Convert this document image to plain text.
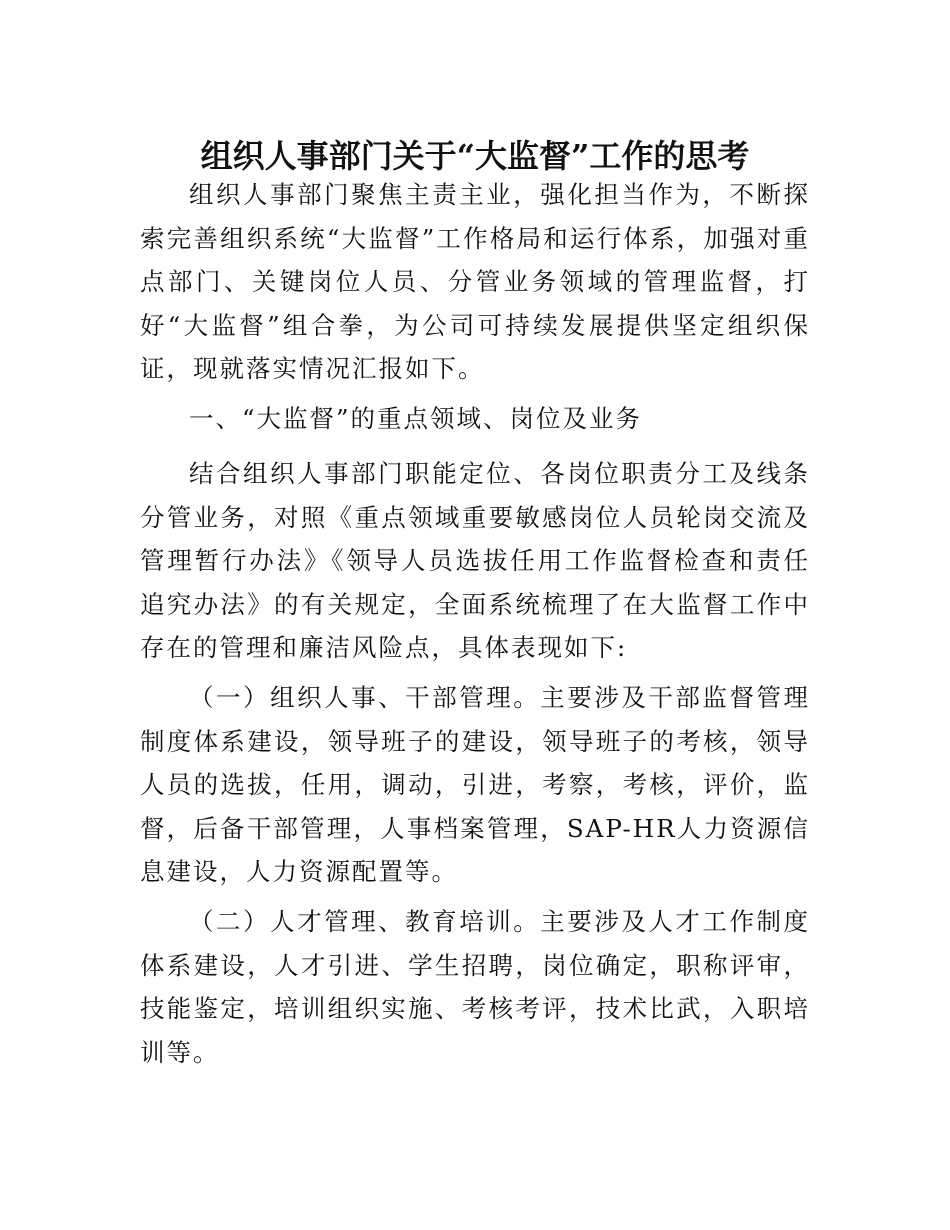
组织人事部门关于“大监督”工作的思考

组织人事部门聚焦主责主业，强化担当作为，不断探索完善组织系统“大监督”工作格局和运行体系，加强对重点部门、关键岗位人员、分管业务领域的管理监督，打好“大监督”组合拳，为公司可持续发展提供坚定组织保证，现就落实情况汇报如下。

一、“大监督”的重点领域、岗位及业务

结合组织人事部门职能定位、各岗位职责分工及线条分管业务，对照《重点领域重要敏感岗位人员轮岗交流及管理暂行办法》《领导人员选拔任用工作监督检查和责任追究办法》的有关规定，全面系统梳理了在大监督工作中存在的管理和廉洁风险点，具体表现如下:

（一）组织人事、干部管理。主要涉及干部监督管理制度体系建设，领导班子的建设，领导班子的考核，领导人员的选拔，任用，调动，引进，考察，考核，评价，监督，后备干部管理，人事档案管理，SAP-HR人力资源信息建设，人力资源配置等。

（二）人才管理、教育培训。主要涉及人才工作制度体系建设，人才引进、学生招聘，岗位确定，职称评审，技能鉴定，培训组织实施、考核考评，技术比武，入职培训等。
